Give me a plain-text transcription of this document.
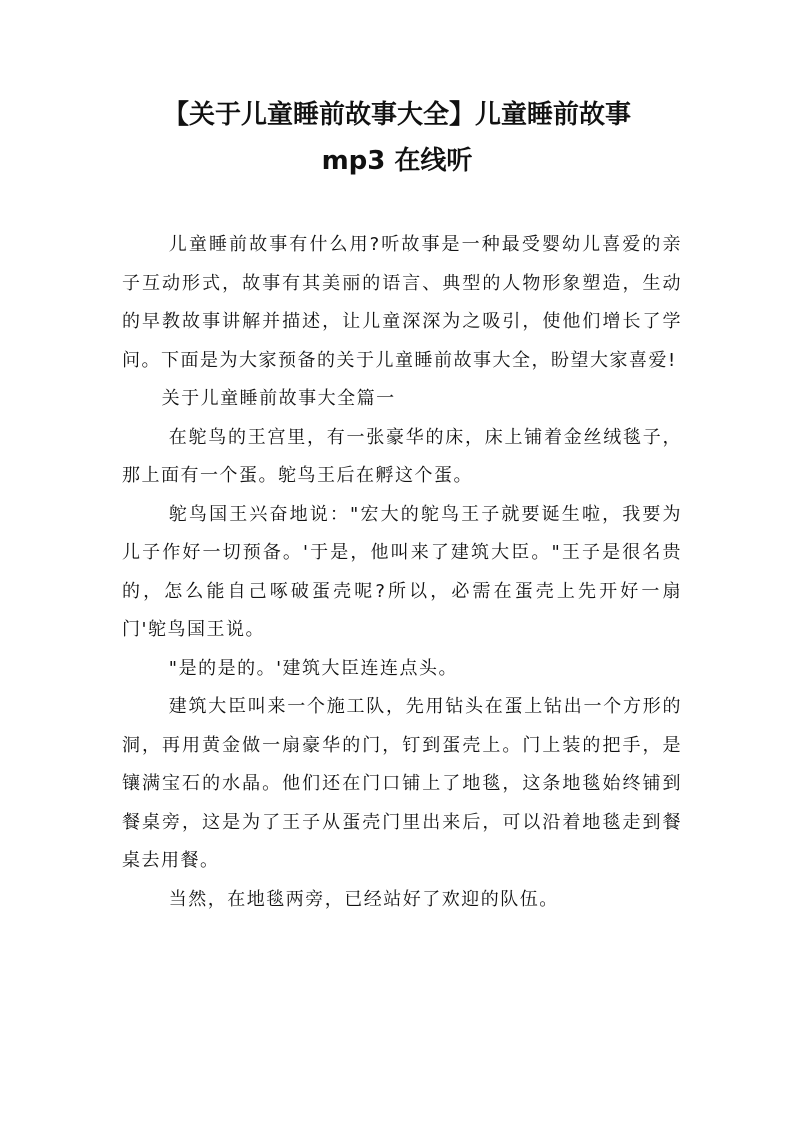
【关于儿童睡前故事大全】儿童睡前故事
mp3 在线听

儿童睡前故事有什么用?听故事是一种最受婴幼儿喜爱的亲子互动形式，故事有其美丽的语言、典型的人物形象塑造，生动的早教故事讲解并描述，让儿童深深为之吸引，使他们增长了学问。下面是为大家预备的关于儿童睡前故事大全，盼望大家喜爱!

关于儿童睡前故事大全篇一

在鸵鸟的王宫里，有一张豪华的床，床上铺着金丝绒毯子，那上面有一个蛋。鸵鸟王后在孵这个蛋。

鸵鸟国王兴奋地说："宏大的鸵鸟王子就要诞生啦，我要为儿子作好一切预备。'于是，他叫来了建筑大臣。"王子是很名贵的，怎么能自己啄破蛋壳呢?所以，必需在蛋壳上先开好一扇门'鸵鸟国王说。

"是的是的。'建筑大臣连连点头。

建筑大臣叫来一个施工队，先用钻头在蛋上钻出一个方形的洞，再用黄金做一扇豪华的门，钉到蛋壳上。门上装的把手，是镶满宝石的水晶。他们还在门口铺上了地毯，这条地毯始终铺到餐桌旁，这是为了王子从蛋壳门里出来后，可以沿着地毯走到餐桌去用餐。

当然，在地毯两旁，已经站好了欢迎的队伍。
